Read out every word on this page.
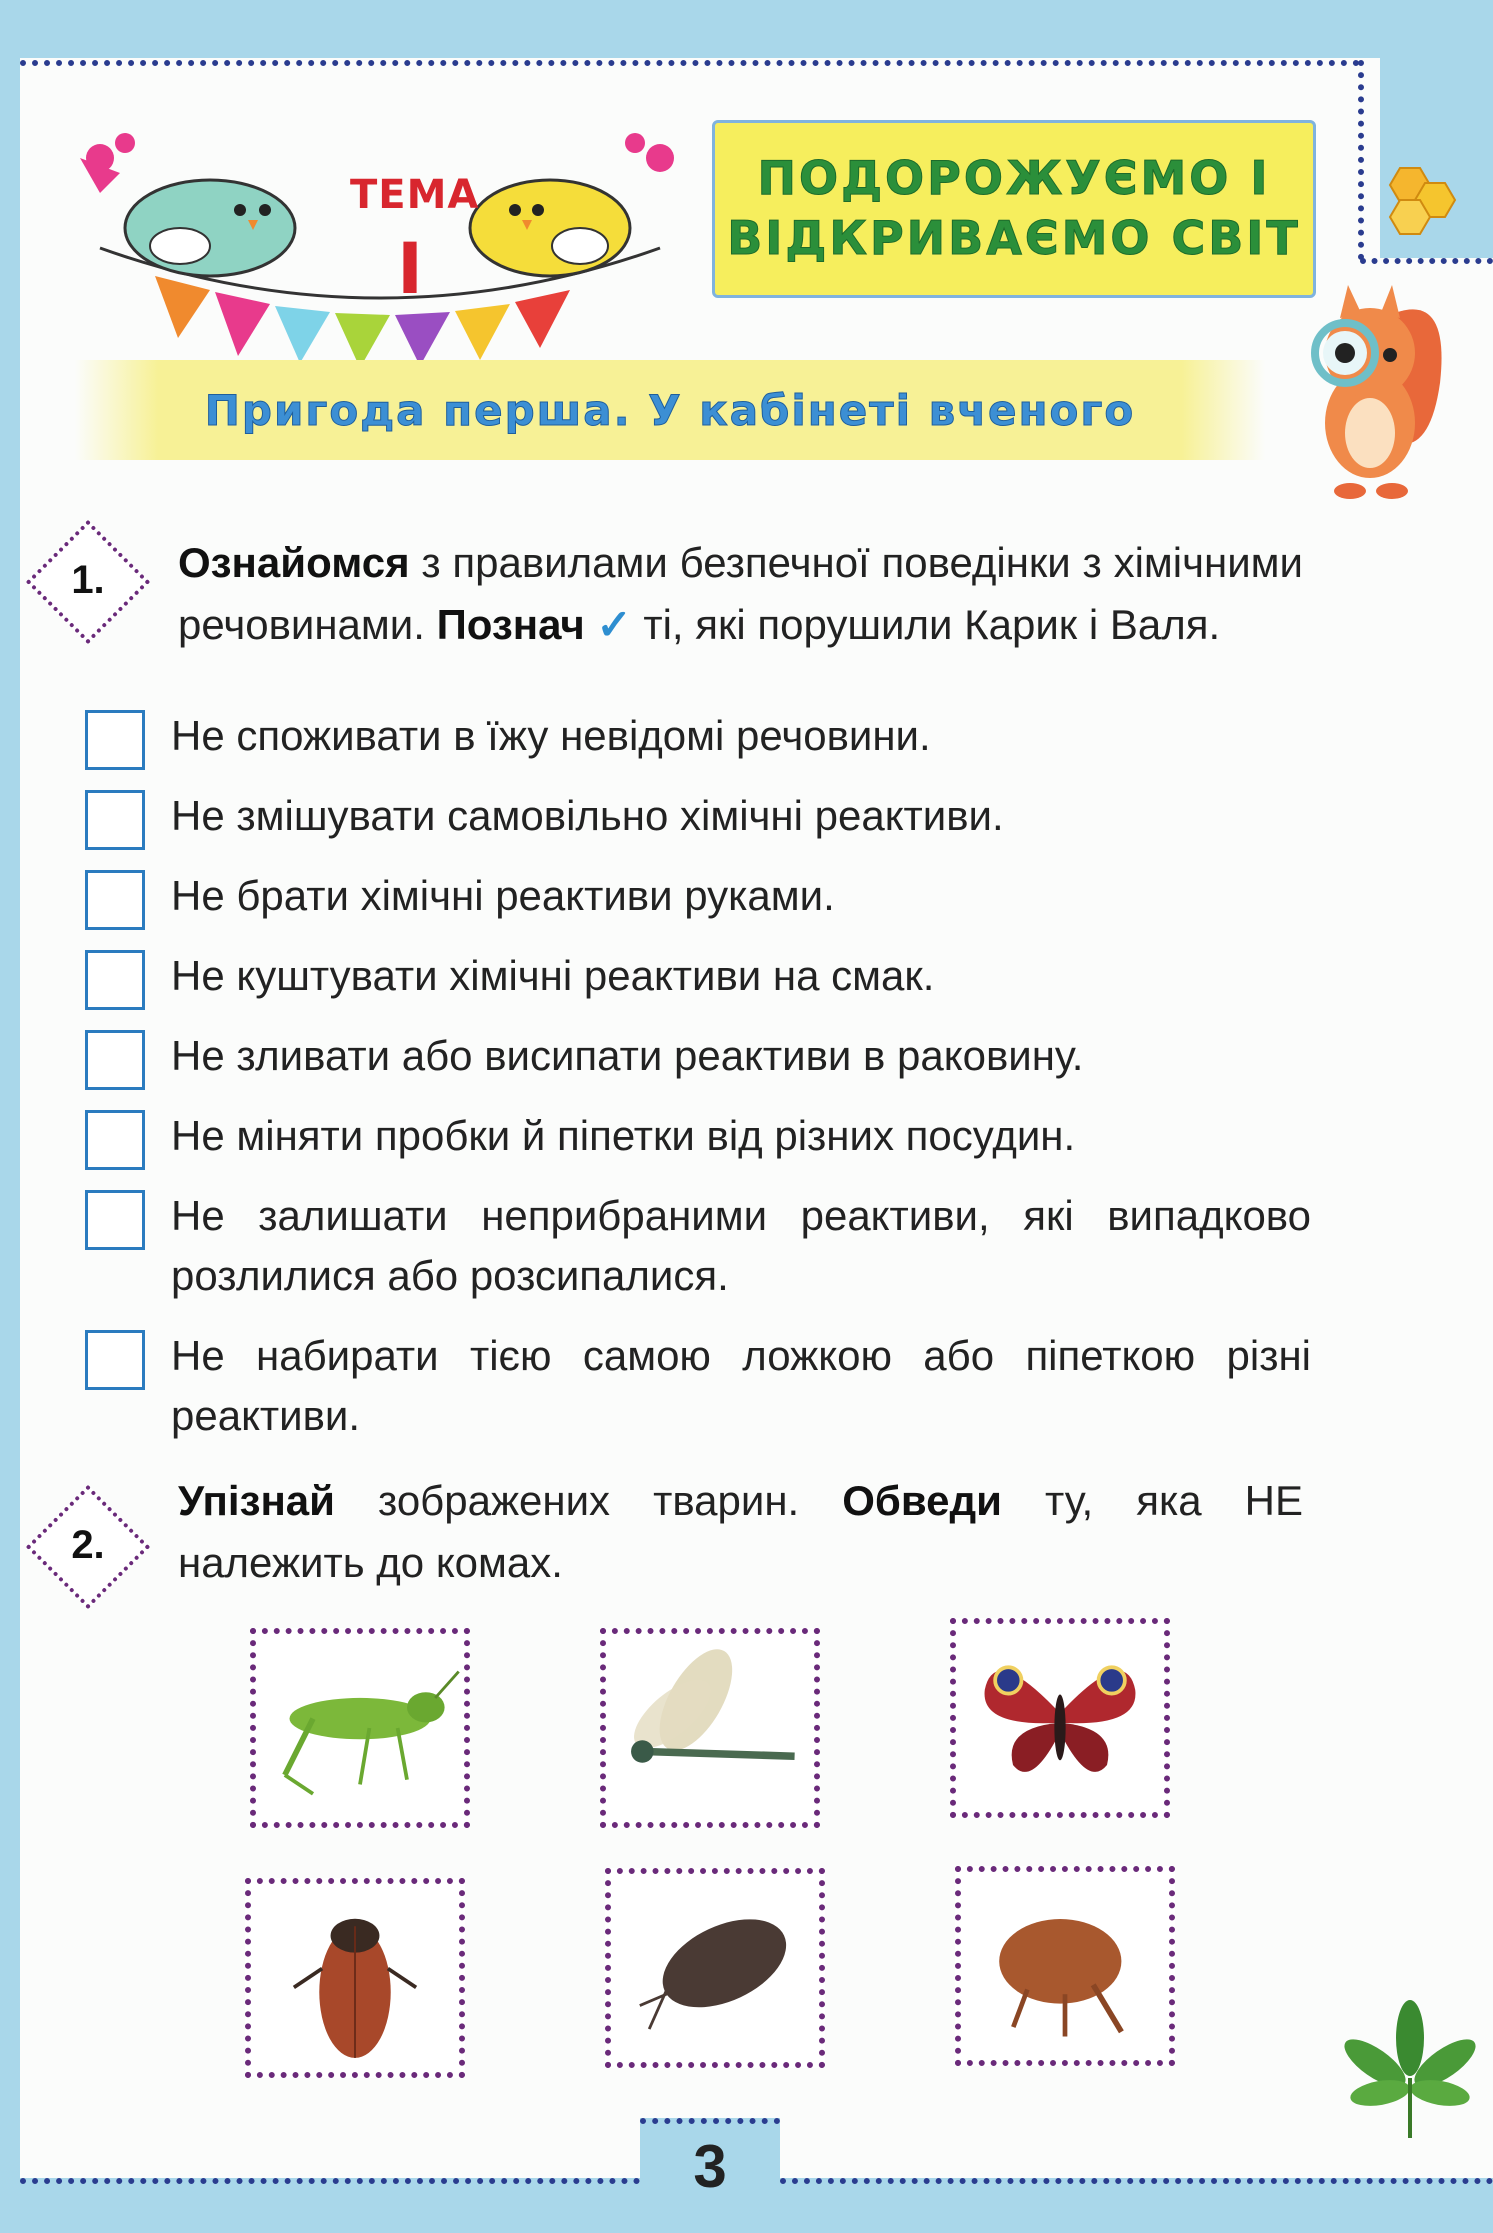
ТЕМА
I
ПОДОРОЖУЄМО І
ВІДКРИВАЄМО СВІТ
Пригода перша. У кабінеті вченого
1.	Ознайомся з правилами безпечної поведінки з хімічними речовинами. Познач ✓ ті, які порушили Карик і Валя.
Не споживати в їжу невідомі речовини.
Не змішувати самовільно хімічні реактиви.
Не брати хімічні реактиви руками.
Не куштувати хімічні реактиви на смак.
Не зливати або висипати реактиви в раковину.
Не міняти пробки й піпетки від різних посудин.
Не залишати неприбраними реактиви, які випадково розлилися або розсипалися.
Не набирати тією самою ложкою або піпеткою різні реактиви.
2.
Упізнай зображених тварин. Обведи ту, яка НЕ належить до комах.
3
